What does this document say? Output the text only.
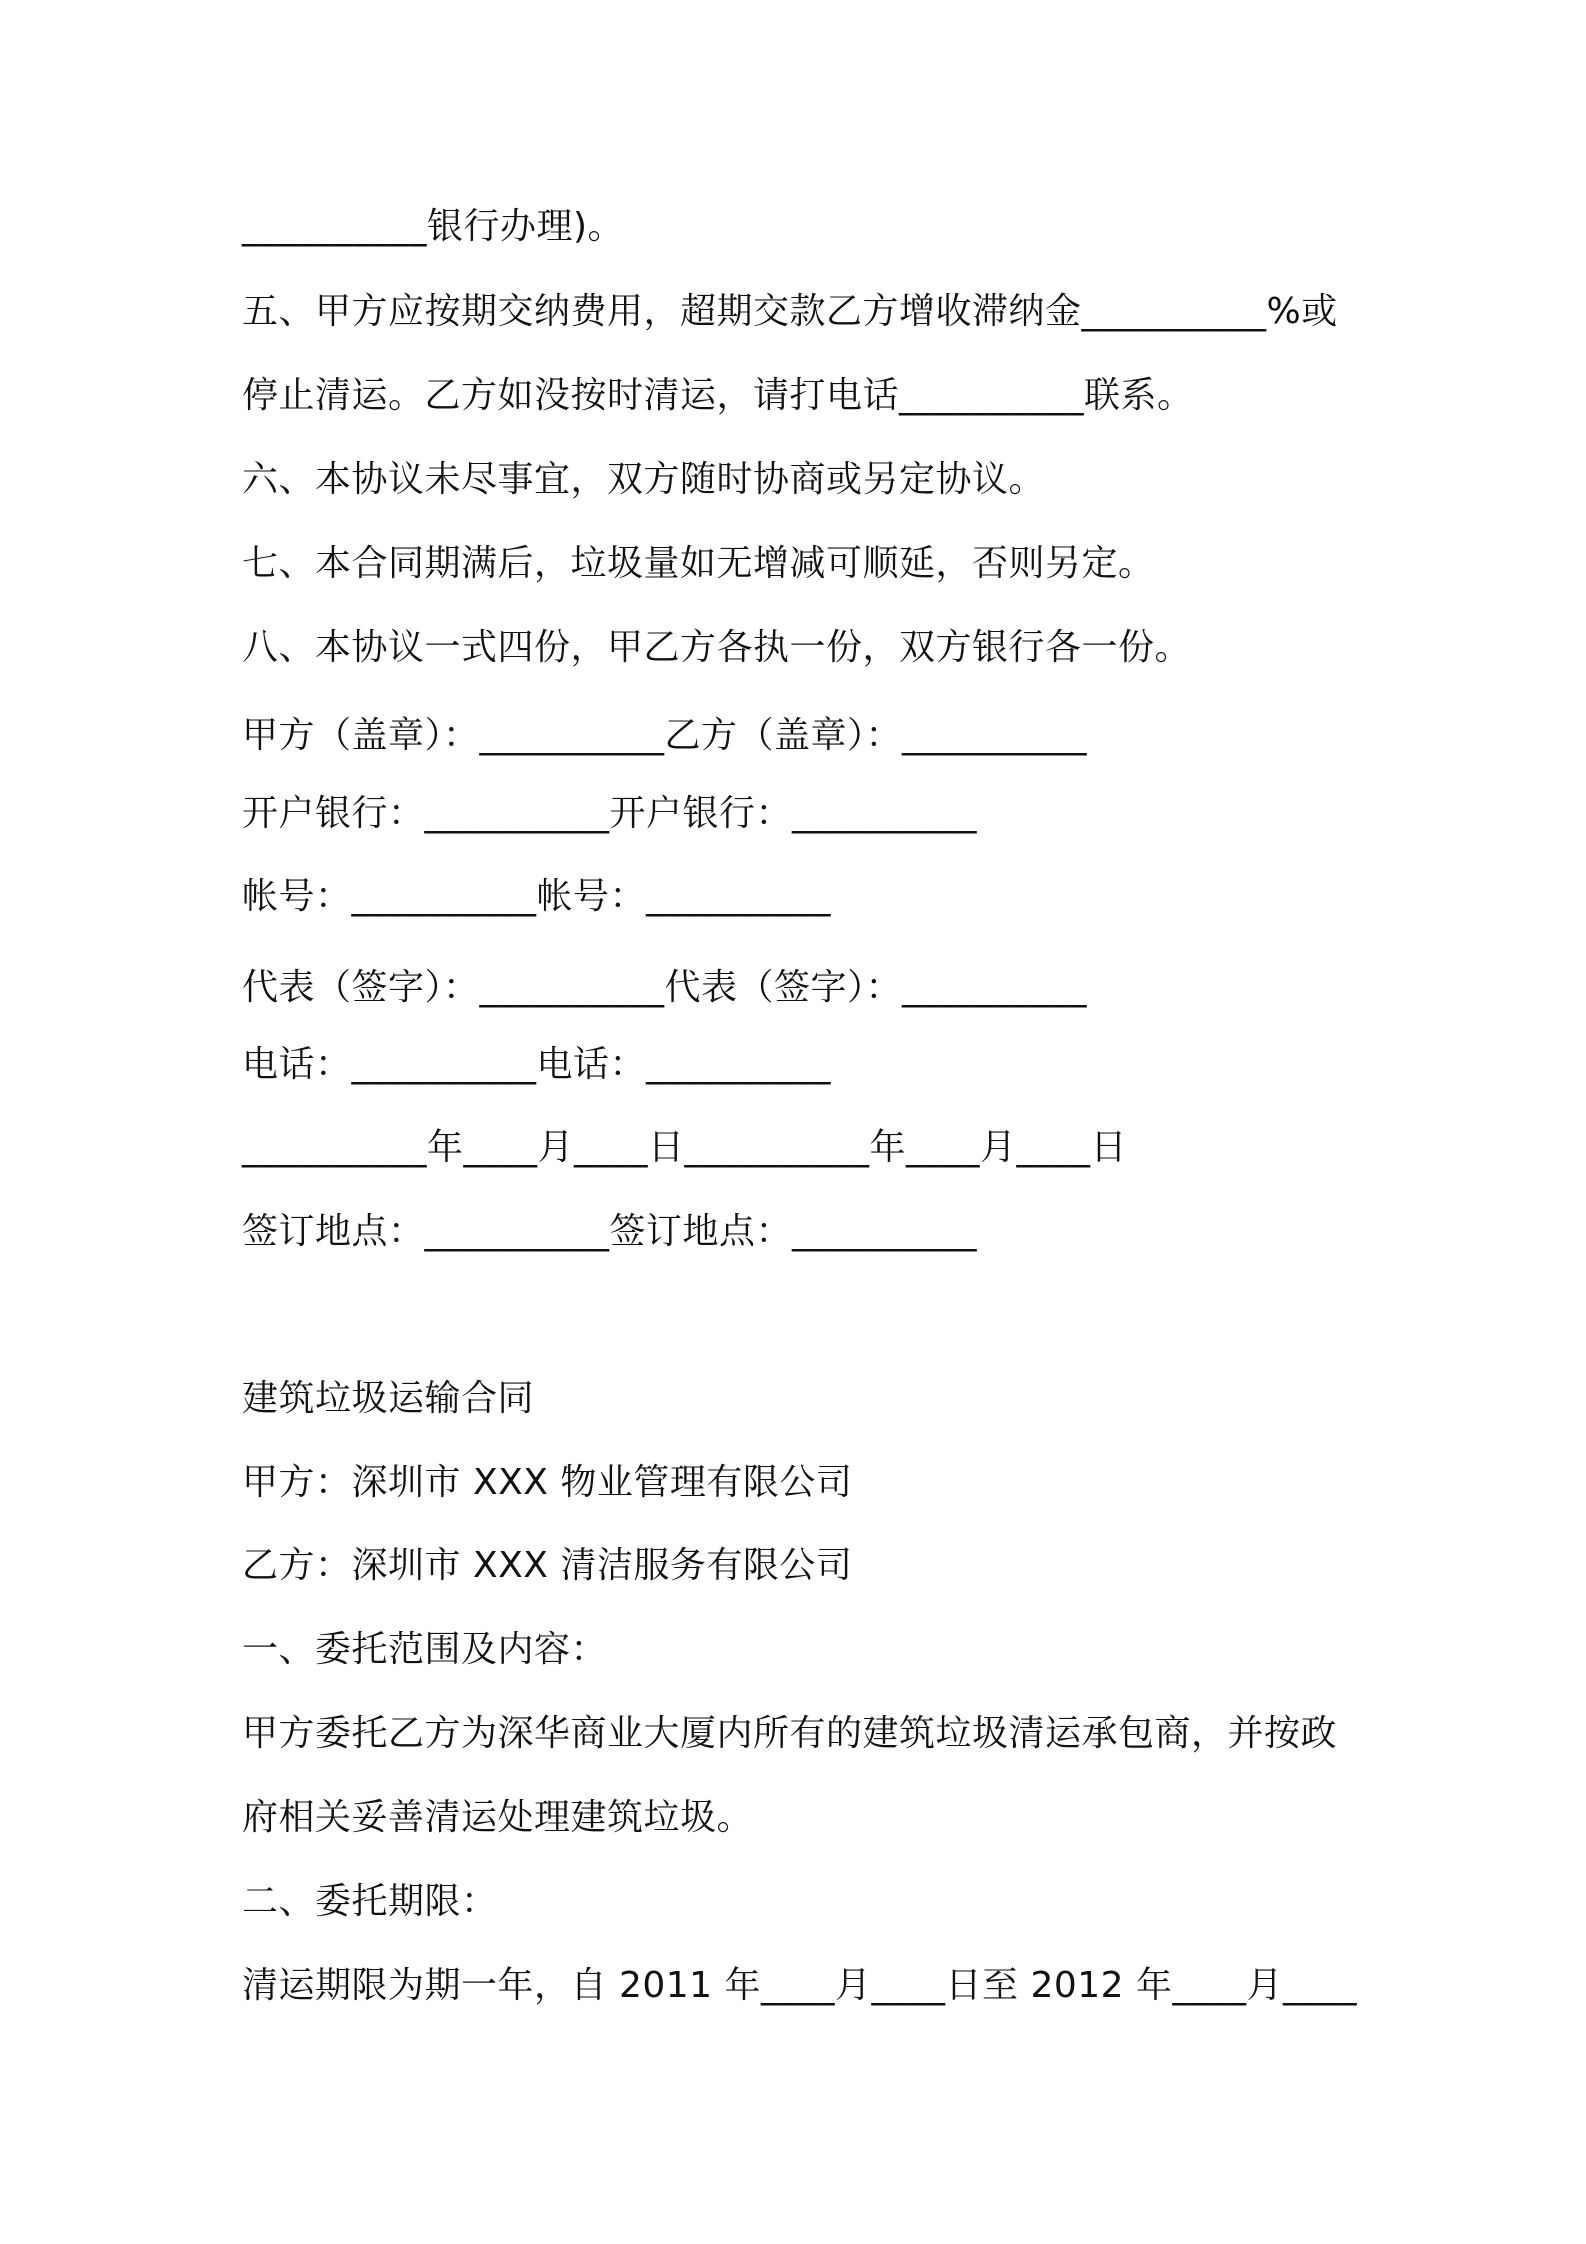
__________银行办理)。
五、甲方应按期交纳费用，超期交款乙方增收滞纳金__________%或
停止清运。乙方如没按时清运，请打电话__________联系。
六、本协议未尽事宜，双方随时协商或另定协议。
七、本合同期满后，垃圾量如无增减可顺延，否则另定。
八、本协议一式四份，甲乙方各执一份，双方银行各一份。
甲方（盖章）：__________乙方（盖章）：__________
开户银行：__________开户银行：__________
帐号：__________帐号：__________
代表（签字）：__________代表（签字）：__________
电话：__________电话：__________
__________年____月____日__________年____月____日
签订地点：__________签订地点：__________
建筑垃圾运输合同
甲方：深圳市 XXX 物业管理有限公司
乙方：深圳市 XXX 清洁服务有限公司
一、委托范围及内容：
甲方委托乙方为深华商业大厦内所有的建筑垃圾清运承包商，并按政
府相关妥善清运处理建筑垃圾。
二、委托期限：
清运期限为期一年，自 2011 年____月____日至 2012 年____月____
